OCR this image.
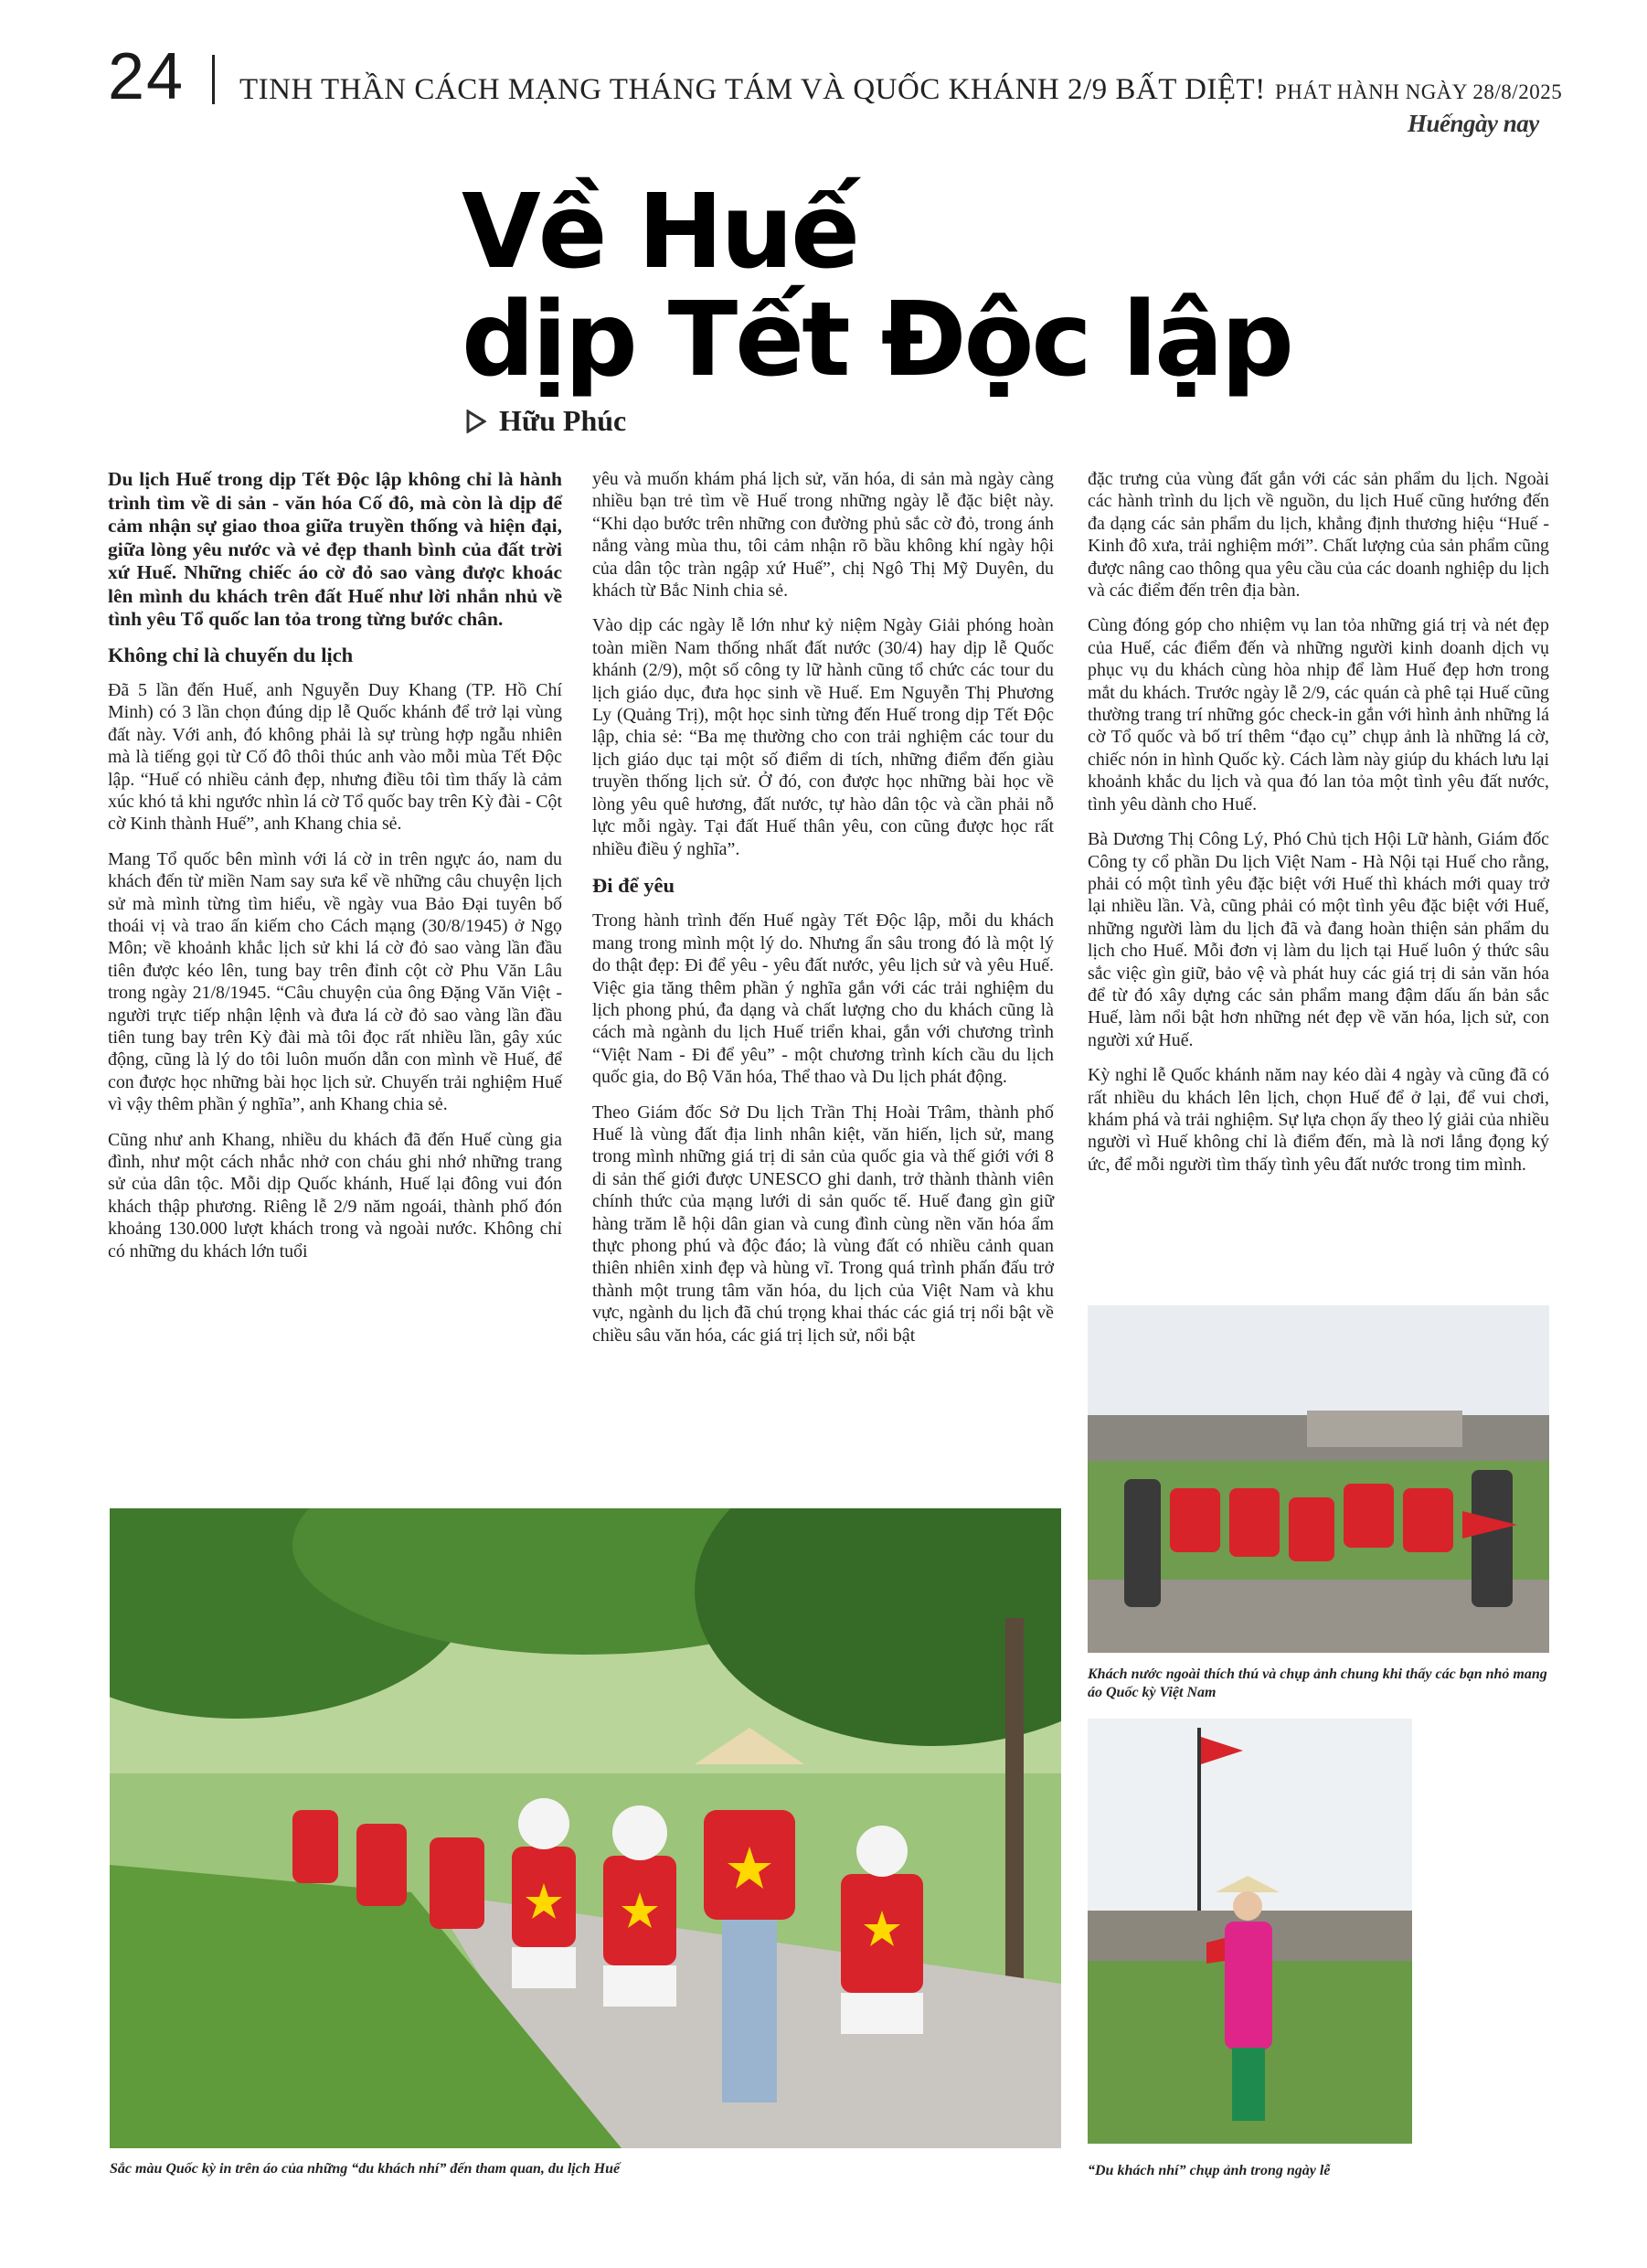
24 TINH THẦN CÁCH MẠNG THÁNG TÁM VÀ QUỐC KHÁNH 2/9 BẤT DIỆT! PHÁT HÀNH NGÀY 28/8/2025
Huếngày nay
Về Huế
dịp Tết Độc lập
Hữu Phúc

Du lịch Huế trong dịp Tết Độc lập không chỉ là hành trình tìm về di sản - văn hóa Cố đô, mà còn là dịp để cảm nhận sự giao thoa giữa truyền thống và hiện đại, giữa lòng yêu nước và vẻ đẹp thanh bình của đất trời xứ Huế. Những chiếc áo cờ đỏ sao vàng được khoác lên mình du khách trên đất Huế như lời nhắn nhủ về tình yêu Tổ quốc lan tỏa trong từng bước chân.

Không chỉ là chuyến du lịch

Đã 5 lần đến Huế, anh Nguyễn Duy Khang (TP. Hồ Chí Minh) có 3 lần chọn đúng dịp lễ Quốc khánh để trở lại vùng đất này. Với anh, đó không phải là sự trùng hợp ngẫu nhiên mà là tiếng gọi từ Cố đô thôi thúc anh vào mỗi mùa Tết Độc lập. “Huế có nhiều cảnh đẹp, nhưng điều tôi tìm thấy là cảm xúc khó tả khi ngước nhìn lá cờ Tổ quốc bay trên Kỳ đài - Cột cờ Kinh thành Huế”, anh Khang chia sẻ.

Mang Tổ quốc bên mình với lá cờ in trên ngực áo, nam du khách đến từ miền Nam say sưa kể về những câu chuyện lịch sử mà mình từng tìm hiểu, về ngày vua Bảo Đại tuyên bố thoái vị và trao ấn kiếm cho Cách mạng (30/8/1945) ở Ngọ Môn; về khoảnh khắc lịch sử khi lá cờ đỏ sao vàng lần đầu tiên được kéo lên, tung bay trên đỉnh cột cờ Phu Văn Lâu trong ngày 21/8/1945. “Câu chuyện của ông Đặng Văn Việt - người trực tiếp nhận lệnh và đưa lá cờ đỏ sao vàng lần đầu tiên tung bay trên Kỳ đài mà tôi đọc rất nhiều lần, gây xúc động, cũng là lý do tôi luôn muốn dẫn con mình về Huế, để con được học những bài học lịch sử. Chuyến trải nghiệm Huế vì vậy thêm phần ý nghĩa”, anh Khang chia sẻ.

Cũng như anh Khang, nhiều du khách đã đến Huế cùng gia đình, như một cách nhắc nhở con cháu ghi nhớ những trang sử của dân tộc. Mỗi dịp Quốc khánh, Huế lại đông vui đón khách thập phương. Riêng lễ 2/9 năm ngoái, thành phố đón khoảng 130.000 lượt khách trong và ngoài nước. Không chỉ có những du khách lớn tuổi

yêu và muốn khám phá lịch sử, văn hóa, di sản mà ngày càng nhiều bạn trẻ tìm về Huế trong những ngày lễ đặc biệt này. “Khi dạo bước trên những con đường phủ sắc cờ đỏ, trong ánh nắng vàng mùa thu, tôi cảm nhận rõ bầu không khí ngày hội của dân tộc tràn ngập xứ Huế”, chị Ngô Thị Mỹ Duyên, du khách từ Bắc Ninh chia sẻ.

Vào dịp các ngày lễ lớn như kỷ niệm Ngày Giải phóng hoàn toàn miền Nam thống nhất đất nước (30/4) hay dịp lễ Quốc khánh (2/9), một số công ty lữ hành cũng tổ chức các tour du lịch giáo dục, đưa học sinh về Huế. Em Nguyễn Thị Phương Ly (Quảng Trị), một học sinh từng đến Huế trong dịp Tết Độc lập, chia sẻ: “Ba mẹ thường cho con trải nghiệm các tour du lịch giáo dục tại một số điểm di tích, những điểm đến giàu truyền thống lịch sử. Ở đó, con được học những bài học về lòng yêu quê hương, đất nước, tự hào dân tộc và cần phải nỗ lực mỗi ngày. Tại đất Huế thân yêu, con cũng được học rất nhiều điều ý nghĩa”.

Đi để yêu

Trong hành trình đến Huế ngày Tết Độc lập, mỗi du khách mang trong mình một lý do. Nhưng ẩn sâu trong đó là một lý do thật đẹp: Đi để yêu - yêu đất nước, yêu lịch sử và yêu Huế. Việc gia tăng thêm phần ý nghĩa gắn với các trải nghiệm du lịch phong phú, đa dạng và chất lượng cho du khách cũng là cách mà ngành du lịch Huế triển khai, gắn với chương trình “Việt Nam - Đi để yêu” - một chương trình kích cầu du lịch quốc gia, do Bộ Văn hóa, Thể thao và Du lịch phát động.

Theo Giám đốc Sở Du lịch Trần Thị Hoài Trâm, thành phố Huế là vùng đất địa linh nhân kiệt, văn hiến, lịch sử, mang trong mình những giá trị di sản của quốc gia và thế giới với 8 di sản thế giới được UNESCO ghi danh, trở thành thành viên chính thức của mạng lưới di sản quốc tế. Huế đang gìn giữ hàng trăm lễ hội dân gian và cung đình cùng nền văn hóa ẩm thực phong phú và độc đáo; là vùng đất có nhiều cảnh quan thiên nhiên xinh đẹp và hùng vĩ. Trong quá trình phấn đấu trở thành một trung tâm văn hóa, du lịch của Việt Nam và khu vực, ngành du lịch đã chú trọng khai thác các giá trị nổi bật về chiều sâu văn hóa, các giá trị lịch sử, nổi bật

đặc trưng của vùng đất gắn với các sản phẩm du lịch. Ngoài các hành trình du lịch về nguồn, du lịch Huế cũng hướng đến đa dạng các sản phẩm du lịch, khẳng định thương hiệu “Huế - Kinh đô xưa, trải nghiệm mới”. Chất lượng của sản phẩm cũng được nâng cao thông qua yêu cầu của các doanh nghiệp du lịch và các điểm đến trên địa bàn.

Cùng đóng góp cho nhiệm vụ lan tỏa những giá trị và nét đẹp của Huế, các điểm đến và những người kinh doanh dịch vụ phục vụ du khách cùng hòa nhịp để làm Huế đẹp hơn trong mắt du khách. Trước ngày lễ 2/9, các quán cà phê tại Huế cũng thường trang trí những góc check-in gắn với hình ảnh những lá cờ Tổ quốc và bố trí thêm “đạo cụ” chụp ảnh là những lá cờ, chiếc nón in hình Quốc kỳ. Cách làm này giúp du khách lưu lại khoảnh khắc du lịch và qua đó lan tỏa một tình yêu đất nước, tình yêu dành cho Huế.

Bà Dương Thị Công Lý, Phó Chủ tịch Hội Lữ hành, Giám đốc Công ty cổ phần Du lịch Việt Nam - Hà Nội tại Huế cho rằng, phải có một tình yêu đặc biệt với Huế thì khách mới quay trở lại nhiều lần. Và, cũng phải có một tình yêu đặc biệt với Huế, những người làm du lịch đã và đang hoàn thiện sản phẩm du lịch cho Huế. Mỗi đơn vị làm du lịch tại Huế luôn ý thức sâu sắc việc gìn giữ, bảo vệ và phát huy các giá trị di sản văn hóa để từ đó xây dựng các sản phẩm mang đậm dấu ấn bản sắc Huế, làm nổi bật hơn những nét đẹp về văn hóa, lịch sử, con người xứ Huế.

Kỳ nghỉ lễ Quốc khánh năm nay kéo dài 4 ngày và cũng đã có rất nhiều du khách lên lịch, chọn Huế để ở lại, để vui chơi, khám phá và trải nghiệm. Sự lựa chọn ấy theo lý giải của nhiều người vì Huế không chỉ là điểm đến, mà là nơi lắng đọng ký ức, để mỗi người tìm thấy tình yêu đất nước trong tim mình.

Sắc màu Quốc kỳ in trên áo của những “du khách nhí” đến tham quan, du lịch Huế
Khách nước ngoài thích thú và chụp ảnh chung khi thấy các bạn nhỏ mang áo Quốc kỳ Việt Nam
“Du khách nhí” chụp ảnh trong ngày lễ
